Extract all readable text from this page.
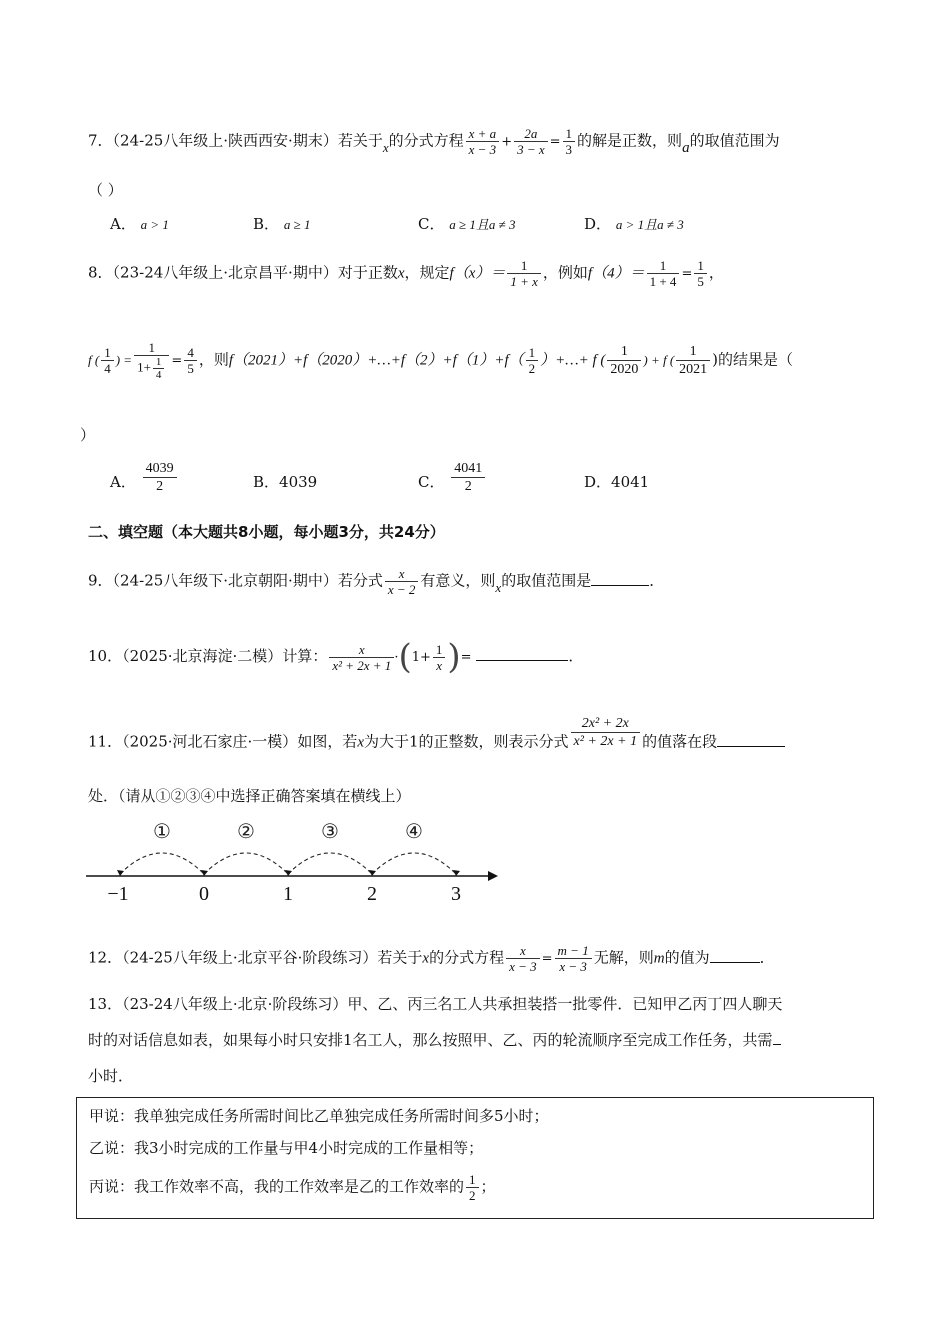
7．（24-25八年级上·陕西西安·期末）若关于x的分式方程 $\frac{x + a}{x - 3} + \frac{2a}{3 - x} = \frac{1}{3}$ 的解是正数，则a的取值范围为
（ ）
A． a > 1	B． a ≥ 1	C． a ≥ 1且a ≠ 3	D． a > 1且a ≠ 3
8．（23-24八年级上·北京昌平·期中）对于正数x，规定$f(x)= \frac{1}{1 + x}$ ，例如$f(4)= \frac{1}{1 + 4} = \frac{1}{5}$ ，
f ( $\frac{1}{4}$ ) = $\frac{1}{1+ \frac{1}{4}} = \frac{4}{5}$ ，则f（2021）+f（2020）+…+f（2）+f（1）+f（ $\frac{1}{2}$ ）+…+ f ( $\frac{1}{2020}$ ) + f ( $\frac{1}{2021}$ )的结果是（
）
A． $\frac{4039}{2}$	B．4039	C． $\frac{4041}{2}$	D．4041
二、填空题（本大题共8小题，每小题3分，共24分）
9．（24-25八年级下·北京朝阳·期中）若分式 $\frac{x}{x - 2}$ 有意义，则x的取值范围是	．
10．（2025·北京海淀·二模）计算： $\frac{x}{\text{x² + 2x + 1}} \cdot(1+ \frac{1}{x}$ )=	．
11．（2025·河北石家庄·一模）如图，若x为大于1的正整数，则表示分式 $\frac{\text{2x² + 2x}}{\text{x² + 2x + 1}}$ 的值落在段
处．（请从①②③④中选择正确答案填在横线上）
①	②	③	④
−1	0	1	2	3
12．（24-25八年级上·北京平谷·阶段练习）若关于x的分式方程 $\frac{x}{x - 3} = \frac{m - 1}{x - 3}$ 无解，则m的值为	．
13．（23-24八年级上·北京·阶段练习）甲、乙、丙三名工人共承担装搭一批零件．已知甲乙丙丁四人聊天
时的对话信息如表，如果每小时只安排1名工人，那么按照甲、乙、丙的轮流顺序至完成工作任务，共需
小时．
甲说：我单独完成任务所需时间比乙单独完成任务所需时间多5小时；
乙说：我3小时完成的工作量与甲4小时完成的工作量相等；
丙说：我工作效率不高，我的工作效率是乙的工作效率的 $\frac{1}{2}$ ；
